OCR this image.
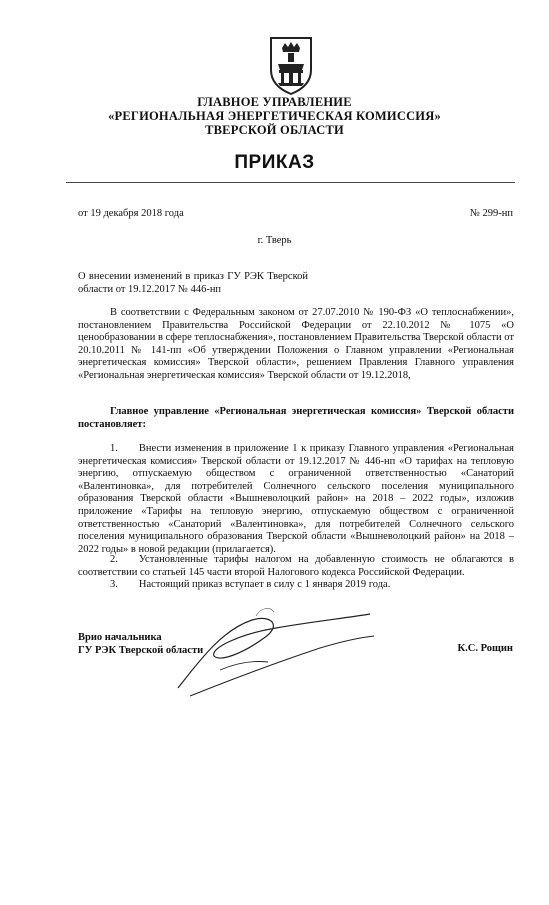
ГЛАВНОЕ УПРАВЛЕНИЕ
«РЕГИОНАЛЬНАЯ ЭНЕРГЕТИЧЕСКАЯ КОМИССИЯ»
ТВЕРСКОЙ ОБЛАСТИ
ПРИКАЗ
от 19 декабря 2018 года	№ 299-нп
г. Тверь
О внесении изменений в приказ ГУ РЭК Тверской области от 19.12.2017 № 446-нп
В соответствии с Федеральным законом от 27.07.2010 № 190-ФЗ «О теплоснабжении», постановлением Правительства Российской Федерации от 22.10.2012 № 1075 «О ценообразовании в сфере теплоснабжения», постановлением Правительства Тверской области от 20.10.2011 № 141-пп «Об утверждении Положения о Главном управлении «Региональная энергетическая комиссия» Тверской области», решением Правления Главного управления «Региональная энергетическая комиссия» Тверской области от 19.12.2018,
Главное управление «Региональная энергетическая комиссия» Тверской области постановляет:
1.  Внести изменения в приложение 1 к приказу Главного управления «Региональная энергетическая комиссия» Тверской области от 19.12.2017 № 446-нп «О тарифах на тепловую энергию, отпускаемую обществом с ограниченной ответственностью «Санаторий «Валентиновка», для потребителей Солнечного сельского поселения муниципального образования Тверской области «Вышневолоцкий район» на 2018 – 2022 годы», изложив приложение «Тарифы на тепловую энергию, отпускаемую обществом с ограниченной ответственностью «Санаторий «Валентиновка», для потребителей Солнечного сельского поселения муниципального образования Тверской области «Вышневолоцкий район» на 2018 – 2022 годы» в новой редакции (прилагается).
2.  Установленные тарифы налогом на добавленную стоимость не облагаются в соответствии со статьей 145 части второй Налогового кодекса Российской Федерации.
3.  Настоящий приказ вступает в силу с 1 января 2019 года.
Врио начальника
ГУ РЭК Тверской области	К.С. Рощин
